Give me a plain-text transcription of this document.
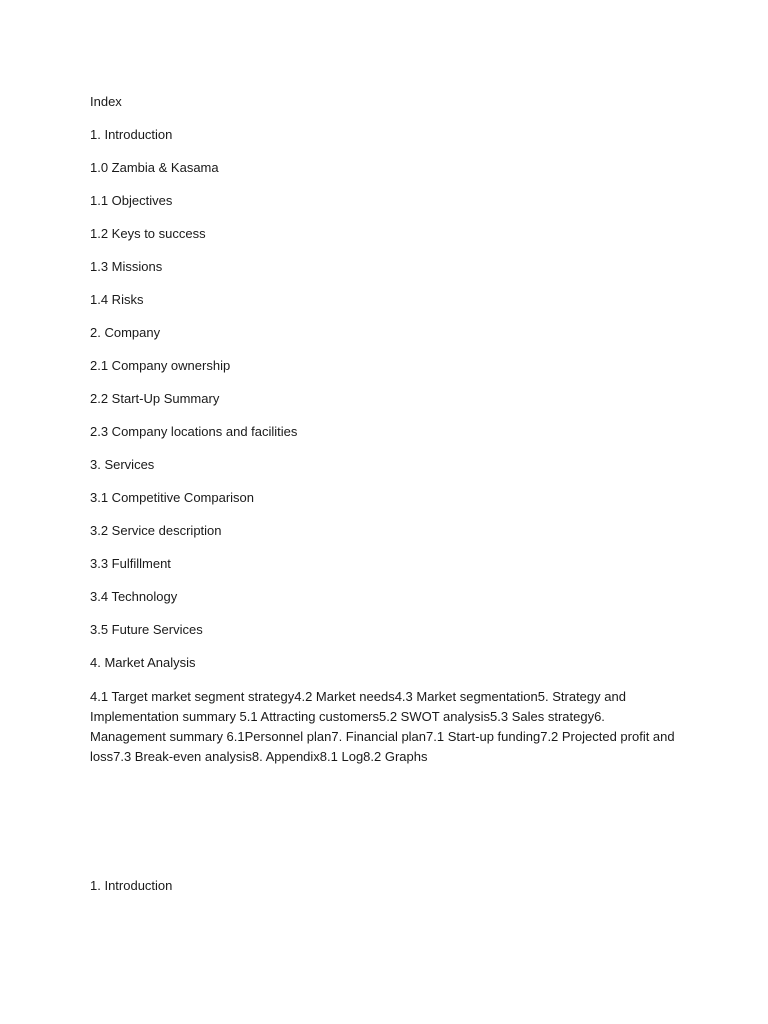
Index

1. Introduction

1.0 Zambia & Kasama

1.1 Objectives

1.2 Keys to success

1.3 Missions

1.4 Risks

2. Company

2.1 Company ownership

2.2 Start-Up Summary

2.3 Company locations and facilities

3. Services

3.1 Competitive Comparison

3.2 Service description

3.3 Fulfillment

3.4 Technology

3.5 Future Services

4. Market Analysis

4.1 Target market segment strategy4.2 Market needs4.3 Market segmentation5. Strategy and Implementation summary 5.1 Attracting customers5.2 SWOT analysis5.3 Sales strategy6. Management summary 6.1Personnel plan7. Financial plan7.1 Start-up funding7.2 Projected profit and loss7.3 Break-even analysis8. Appendix8.1 Log8.2 Graphs

1. Introduction
